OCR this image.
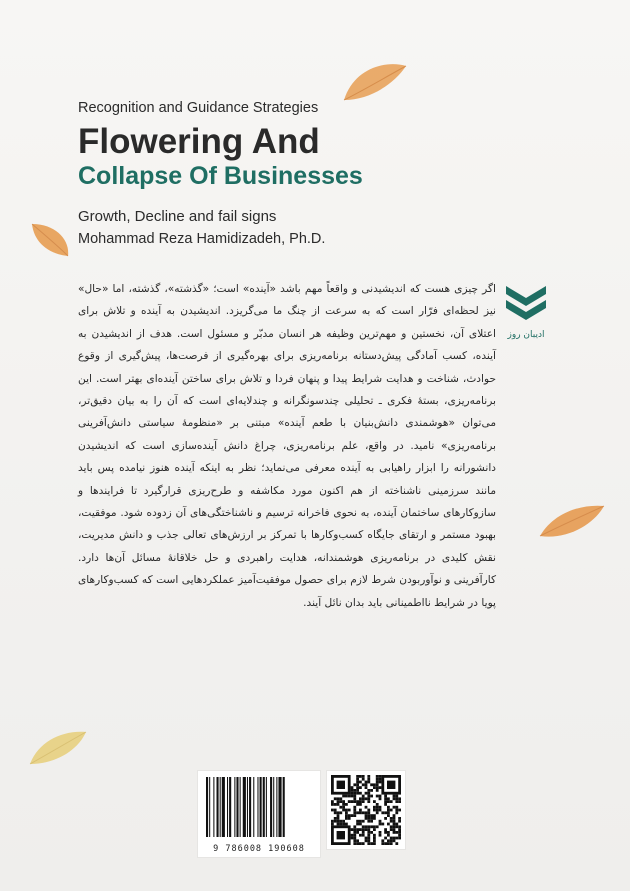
Recognition and Guidance Strategies

Flowering And
Collapse Of Businesses

Growth, Decline and fail signs

Mohammad Reza Hamidizadeh, Ph.D.

ادیبان روز

اگر چیزی هست که اندیشیدنی و واقعاً مهم باشد «آینده» است؛ «گذشته»، گذشته، اما «حال» نیز لحظه‌ای فرّار است که به سرعت از چنگ ما می‌گریزد. اندیشیدن به آینده و تلاش برای اعتلای آن، نخستین و مهم‌ترین وظیفه هر انسان مدبّر و مسئول است. هدف از اندیشیدن به آینده، کسب آمادگی پیش‌دستانه برنامه‌ریزی برای بهره‌گیری از فرصت‌ها، پیش‌گیری از وقوع حوادث، شناخت و هدایت شرایط پیدا و پنهان فردا و تلاش برای ساختن آینده‌ای بهتر است. این برنامه‌ریزی، بستهٔ فکری ـ تحلیلی چندسونگرانه و چندلایه‌ای است که آن را به بیان دقیق‌تر، می‌توان «هوشمندی دانش‌بنیان با طعم آینده» مبتنی بر «منظومهٔ سیاستی دانش‌آفرینی برنامه‌ریزی» نامید. در واقع، علم برنامه‌ریزی، چراغ دانش آینده‌سازی است که اندیشیدن دانشورانه را ابزار راهیابی به آینده معرفی می‌نماید؛ نظر به اینکه آینده هنوز نیامده پس باید مانند سرزمینی ناشناخته از هم اکنون مورد مکاشفه و طرح‌ریزی قرارگیرد تا فرایندها و سازوکارهای ساختمان آینده، به نحوی فاخرانه ترسیم و ناشناختگی‌های آن زدوده شود. موفقیت، بهبود مستمر و ارتقای جایگاه کسب‌وکارها با تمرکز بر ارزش‌های تعالی جذب و دانش مدیریت، نقش کلیدی در برنامه‌ریزی هوشمندانه، هدایت راهبردی و حل خلاقانهٔ مسائل آن‌ها دارد. کارآفرینی و نوآوربودن شرط لازم برای حصول موفقیت‌آمیز عملکردهایی است که کسب‌وکارهای پویا در شرایط نااطمینانی باید بدان نائل آیند.

9 786008 190608
